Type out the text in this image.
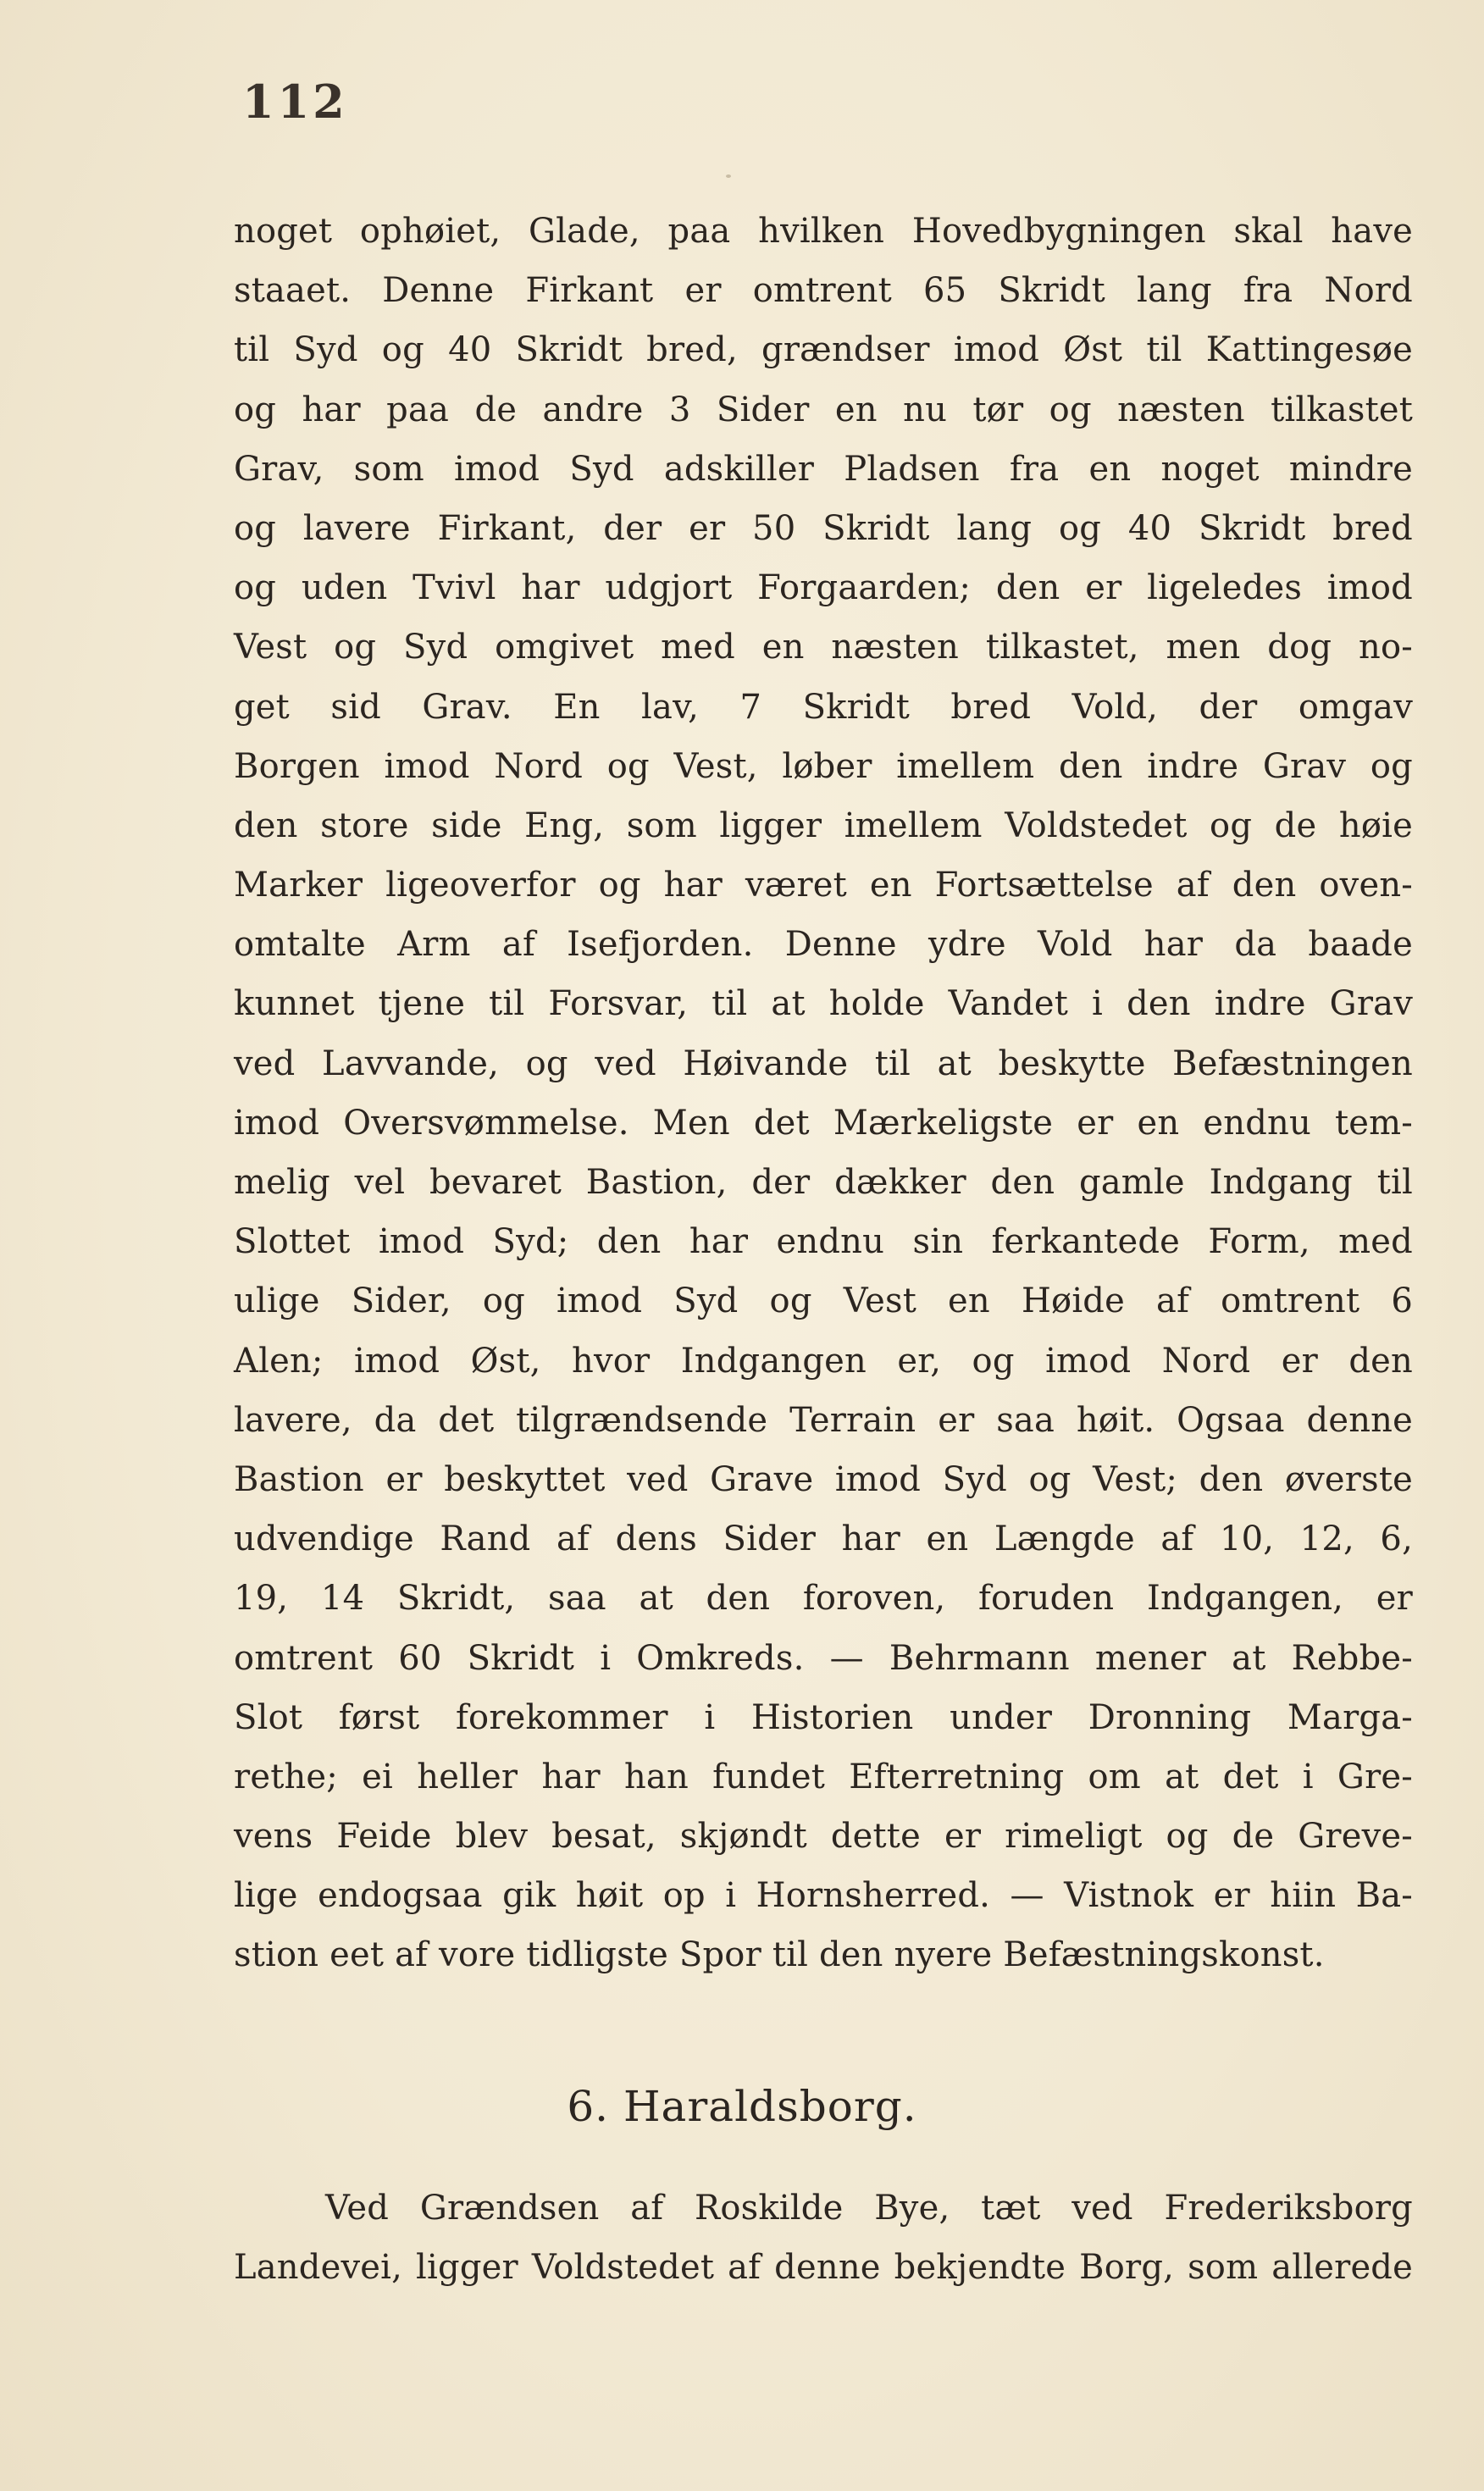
112
noget ophøiet, Glade, paa hvilken Hovedbygningen skal have
staaet. Denne Firkant er omtrent 65 Skridt lang fra Nord
til Syd og 40 Skridt bred, grændser imod Øst til Kattingesøe
og har paa de andre 3 Sider en nu tør og næsten tilkastet
Grav, som imod Syd adskiller Pladsen fra en noget mindre
og lavere Firkant, der er 50 Skridt lang og 40 Skridt bred
og uden Tvivl har udgjort Forgaarden; den er ligeledes imod
Vest og Syd omgivet med en næsten tilkastet, men dog no-
get sid Grav. En lav, 7 Skridt bred Vold, der omgav
Borgen imod Nord og Vest, løber imellem den indre Grav og
den store side Eng, som ligger imellem Voldstedet og de høie
Marker ligeoverfor og har været en Fortsættelse af den oven-
omtalte Arm af Isefjorden. Denne ydre Vold har da baade
kunnet tjene til Forsvar, til at holde Vandet i den indre Grav
ved Lavvande, og ved Høivande til at beskytte Befæstningen
imod Oversvømmelse. Men det Mærkeligste er en endnu tem-
melig vel bevaret Bastion, der dækker den gamle Indgang til
Slottet imod Syd; den har endnu sin ferkantede Form, med
ulige Sider, og imod Syd og Vest en Høide af omtrent 6
Alen; imod Øst, hvor Indgangen er, og imod Nord er den
lavere, da det tilgrændsende Terrain er saa høit. Ogsaa denne
Bastion er beskyttet ved Grave imod Syd og Vest; den øverste
udvendige Rand af dens Sider har en Længde af 10, 12, 6,
19, 14 Skridt, saa at den foroven, foruden Indgangen, er
omtrent 60 Skridt i Omkreds. — Behrmann mener at Rebbe-
Slot først forekommer i Historien under Dronning Marga-
rethe; ei heller har han fundet Efterretning om at det i Gre-
vens Feide blev besat, skjøndt dette er rimeligt og de Greve-
lige endogsaa gik høit op i Hornsherred. — Vistnok er hiin Ba-
stion eet af vore tidligste Spor til den nyere Befæstningskonst.
6. Haraldsborg.
Ved Grændsen af Roskilde Bye, tæt ved Frederiksborg
Landevei, ligger Voldstedet af denne bekjendte Borg, som allerede
